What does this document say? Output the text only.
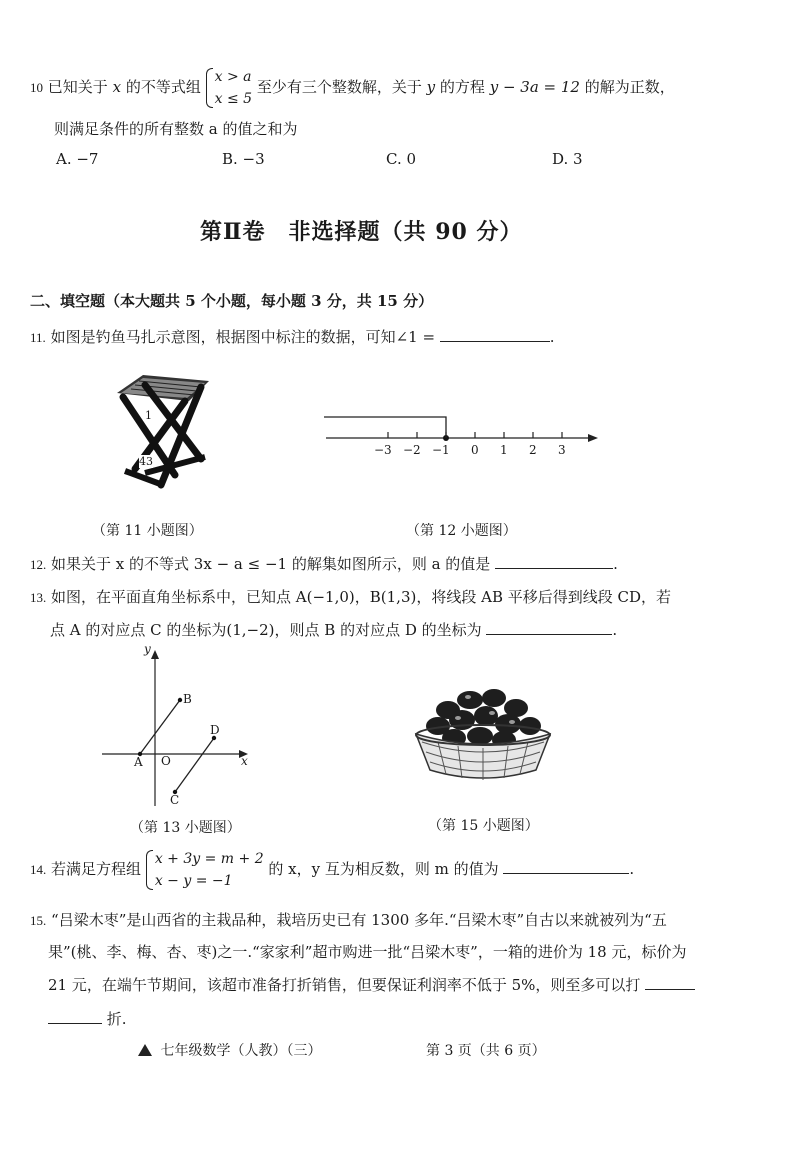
10 已知关于 x 的不等式组
x > a
x ≤ 5
至少有三个整数解，关于 y 的方程 y − 3a = 12 的解为正数，
则满足条件的所有整数 a 的值之和为
A. −7	B. −3	C. 0	D. 3
第Ⅱ卷　非选择题（共 90 分）
二、填空题（本大题共 5 个小题，每小题 3 分，共 15 分）
11. 如图是钓鱼马扎示意图，根据图中标注的数据，可知∠1 =	.
1
43
（第 11 小题图）
−3 −2 −1 0 1 2 3
（第 12 小题图）
12. 如果关于 x 的不等式 3x − a ≤ −1 的解集如图所示，则 a 的值是	.
13. 如图，在平面直角坐标系中，已知点 A(−1,0)，B(1,3)，将线段 AB 平移后得到线段 CD，若
点 A 的对应点 C 的坐标为(1,−2)，则点 B 的对应点 D 的坐标为	.
y
x
O
A
B
C
D
（第 13 小题图）	（第 15 小题图）
14. 若满足方程组
x + 3y = m + 2
x − y = −1
的 x，y 互为相反数，则 m 的值为	.
15. “吕梁木枣”是山西省的主栽品种，栽培历史已有 1300 多年.“吕梁木枣”自古以来就被列为“五
果”(桃、李、梅、杏、枣)之一.“家家利”超市购进一批“吕梁木枣”，一箱的进价为 18 元，标价为
21 元，在端午节期间，该超市准备打折销售，但要保证利润率不低于 5%，则至多可以打
折.
七年级数学（人教）（三）	第 3 页（共 6 页）
